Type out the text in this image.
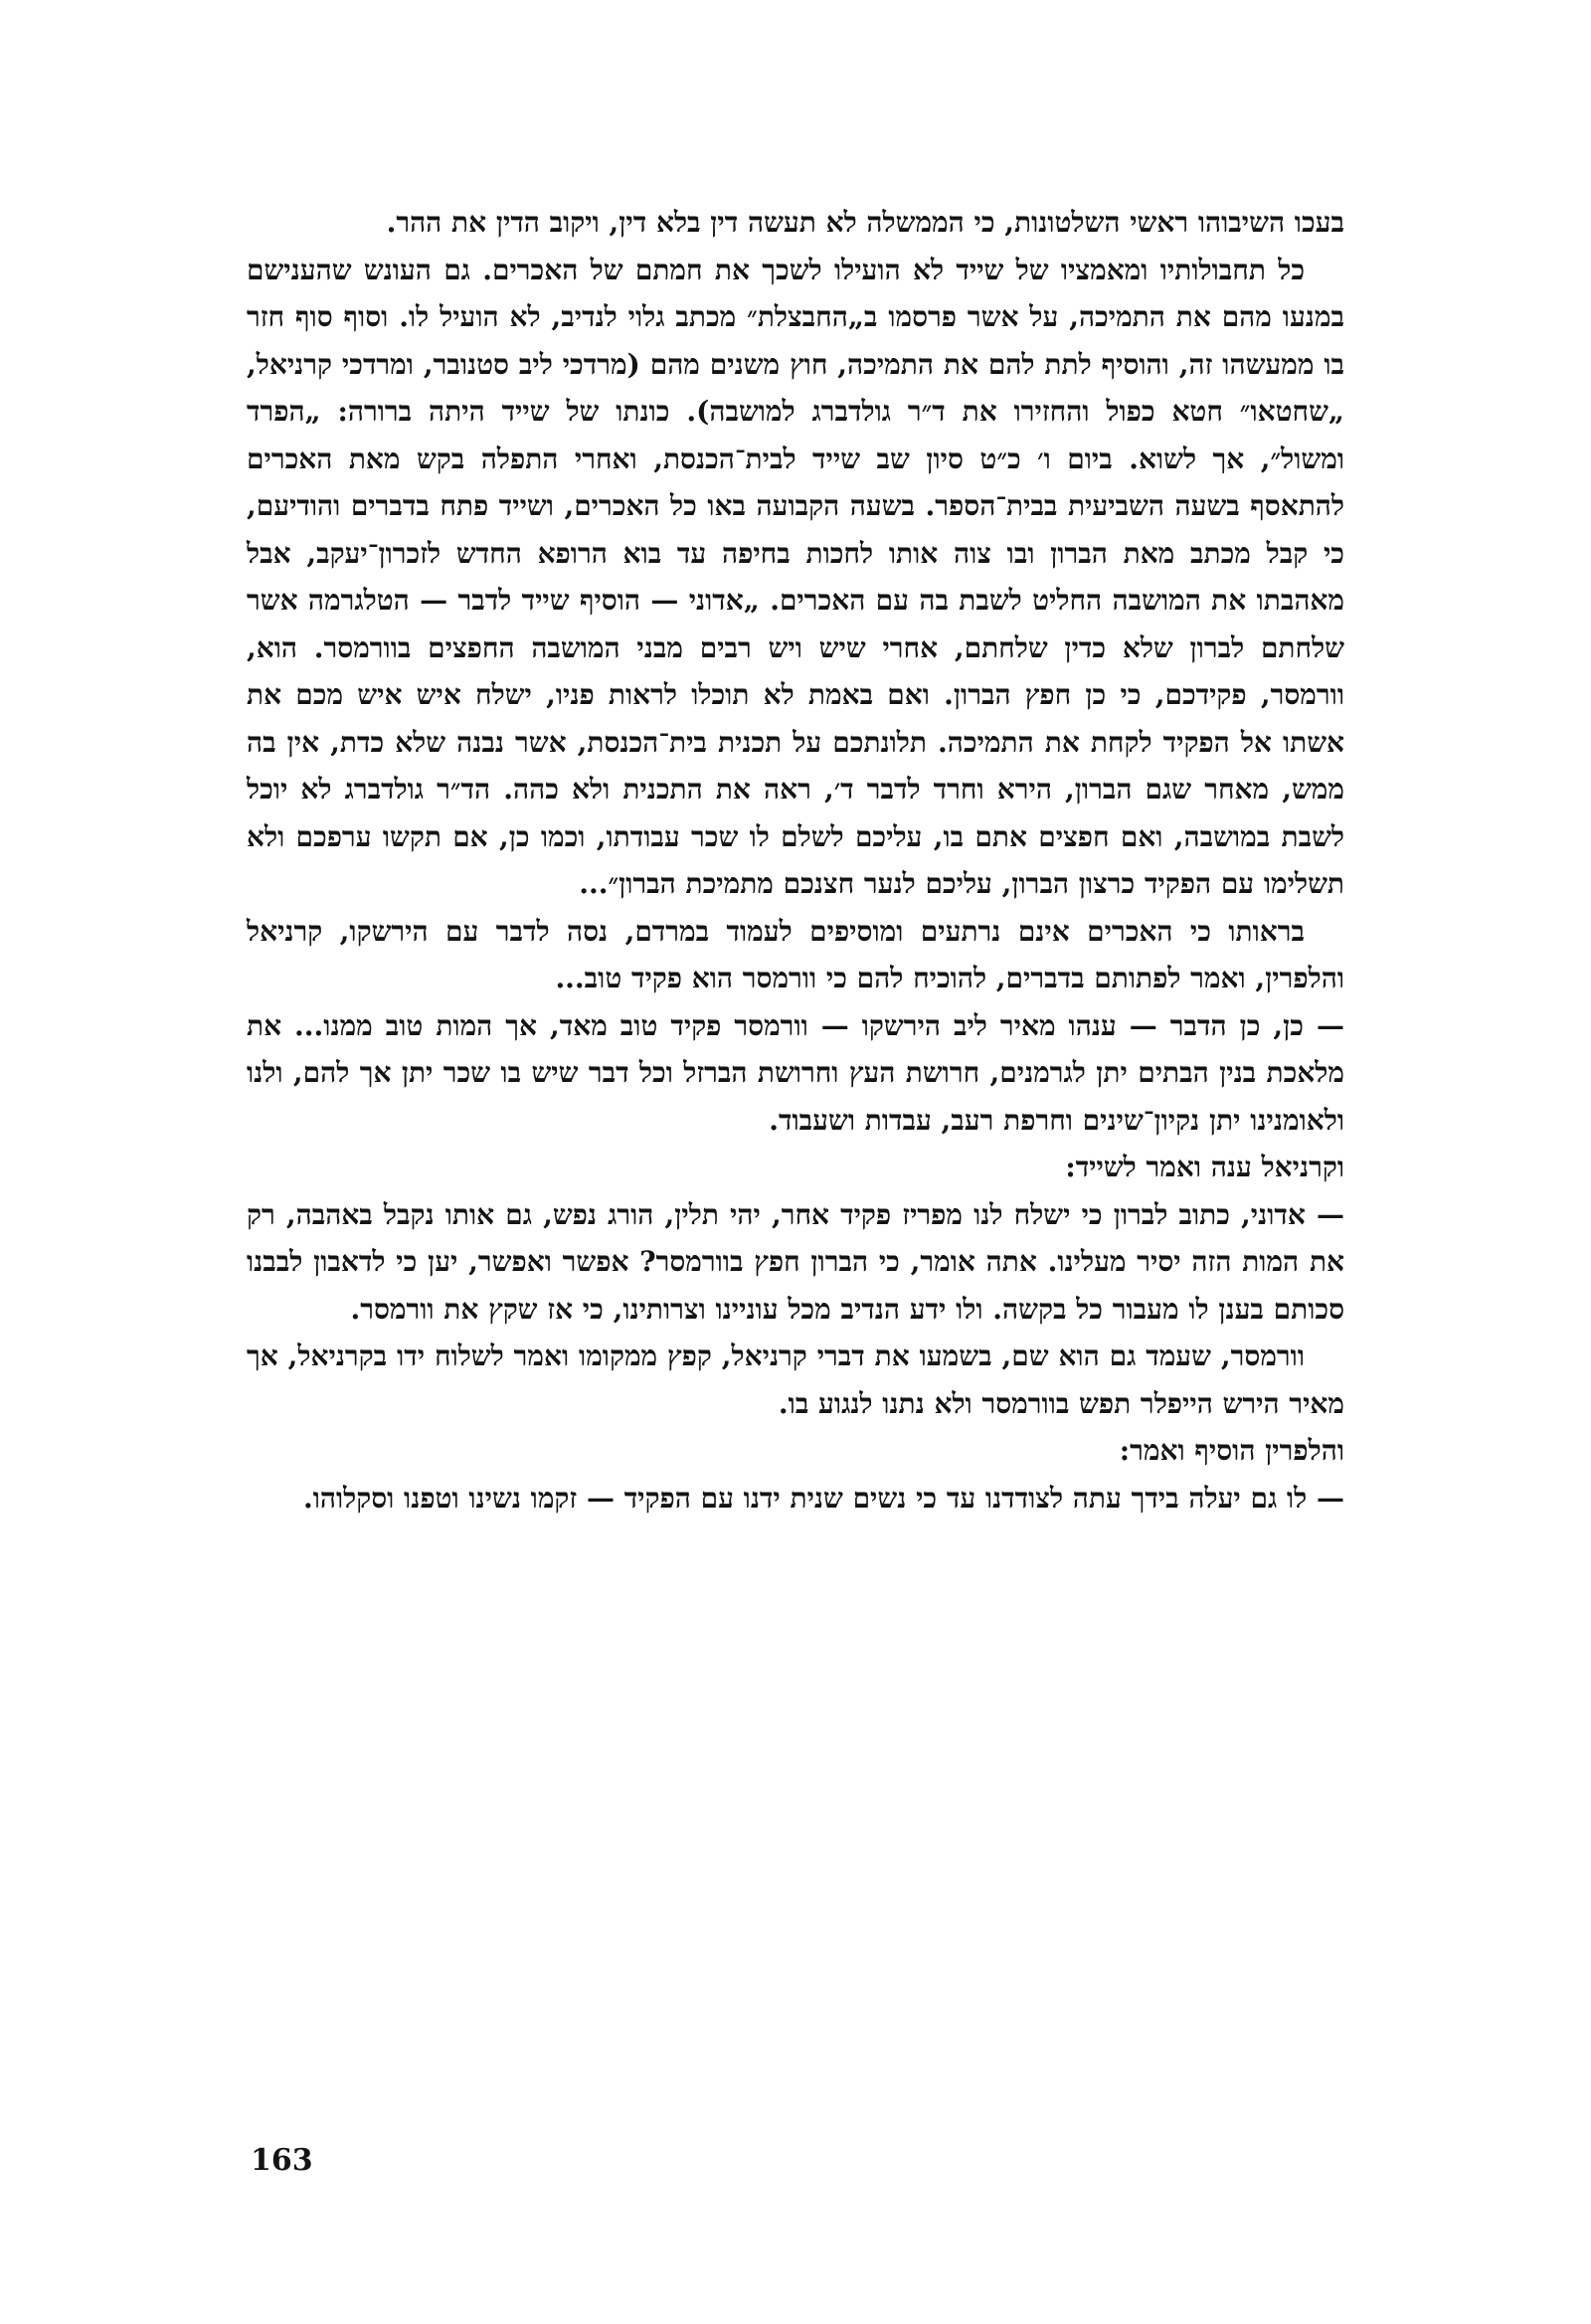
בעכו השיבוהו ראשי השלטונות, כי הממשלה לא תעשה דין בלא דין, ויקוב הדין את ההר.

כל תחבולותיו ומאמציו של שייד לא הועילו לשכך את חמתם של האכרים. גם העונש שהענישם במנעו מהם את התמיכה, על אשר פרסמו ב„החבצלת״ מכתב גלוי לנדיב, לא הועיל לו. וסוף סוף חזר בו ממעשהו זה, והוסיף לתת להם את התמיכה, חוץ משנים מהם (מרדכי ליב סטנובר, ומרדכי קרניאל, „שחטאו״ חטא כפול והחזירו את ד״ר גולדברג למושבה). כונתו של שייד היתה ברורה: „הפרד ומשול״, אך לשוא. ביום ו׳ כ״ט סיון שב שייד לבית־הכנסת, ואחרי התפלה בקש מאת האכרים להתאסף בשעה השביעית בבית־הספר. בשעה הקבועה באו כל האכרים, ושייד פתח בדברים והודיעם, כי קבל מכתב מאת הברון ובו צוה אותו לחכות בחיפה עד בוא הרופא החדש לזכרון־יעקב, אבל מאהבתו את המושבה החליט לשבת בה עם האכרים. „אדוני — הוסיף שייד לדבר — הטלגרמה אשר שלחתם לברון שלא כדין שלחתם, אחרי שיש ויש רבים מבני המושבה החפצים בוורמסר. הוא, וורמסר, פקידכם, כי כן חפץ הברון. ואם באמת לא תוכלו לראות פניו, ישלח איש איש מכם את אשתו אל הפקיד לקחת את התמיכה. תלונתכם על תכנית בית־הכנסת, אשר נבנה שלא כדת, אין בה ממש, מאחר שגם הברון, הירא וחרד לדבר ד׳, ראה את התכנית ולא כהה. הד״ר גולדברג לא יוכל לשבת במושבה, ואם חפצים אתם בו, עליכם לשלם לו שכר עבודתו, וכמו כן, אם תקשו ערפכם ולא תשלימו עם הפקיד כרצון הברון, עליכם לנער חצנכם מתמיכת הברון״...

בראותו כי האכרים אינם נרתעים ומוסיפים לעמוד במרדם, נסה לדבר עם הירשקו, קרניאל והלפרין, ואמר לפתותם בדברים, להוכיח להם כי וורמסר הוא פקיד טוב...

— כן, כן הדבר — ענהו מאיר ליב הירשקו — וורמסר פקיד טוב מאד, אך המות טוב ממנו... את מלאכת בנין הבתים יתן לגרמנים, חרושת העץ וחרושת הברזל וכל דבר שיש בו שכר יתן אך להם, ולנו ולאומנינו יתן נקיון־שינים וחרפת רעב, עבדות ושעבוד.

וקרניאל ענה ואמר לשייד:

— אדוני, כתוב לברון כי ישלח לנו מפריז פקיד אחר, יהי תלין, הורג נפש, גם אותו נקבל באהבה, רק את המות הזה יסיר מעלינו. אתה אומר, כי הברון חפץ בוורמסר? אפשר ואפשר, יען כי לדאבון לבבנו סכותם בענן לו מעבור כל בקשה. ולו ידע הנדיב מכל עוניינו וצרותינו, כי אז שקץ את וורמסר.

וורמסר, שעמד גם הוא שם, בשמעו את דברי קרניאל, קפץ ממקומו ואמר לשלוח ידו בקרניאל, אך מאיר הירש הייפלר תפש בוורמסר ולא נתנו לנגוע בו.

והלפרין הוסיף ואמר:

— לו גם יעלה בידך עתה לצודדנו עד כי נשים שנית ידנו עם הפקיד — זקמו נשינו וטפנו וסקלוהו.

163
